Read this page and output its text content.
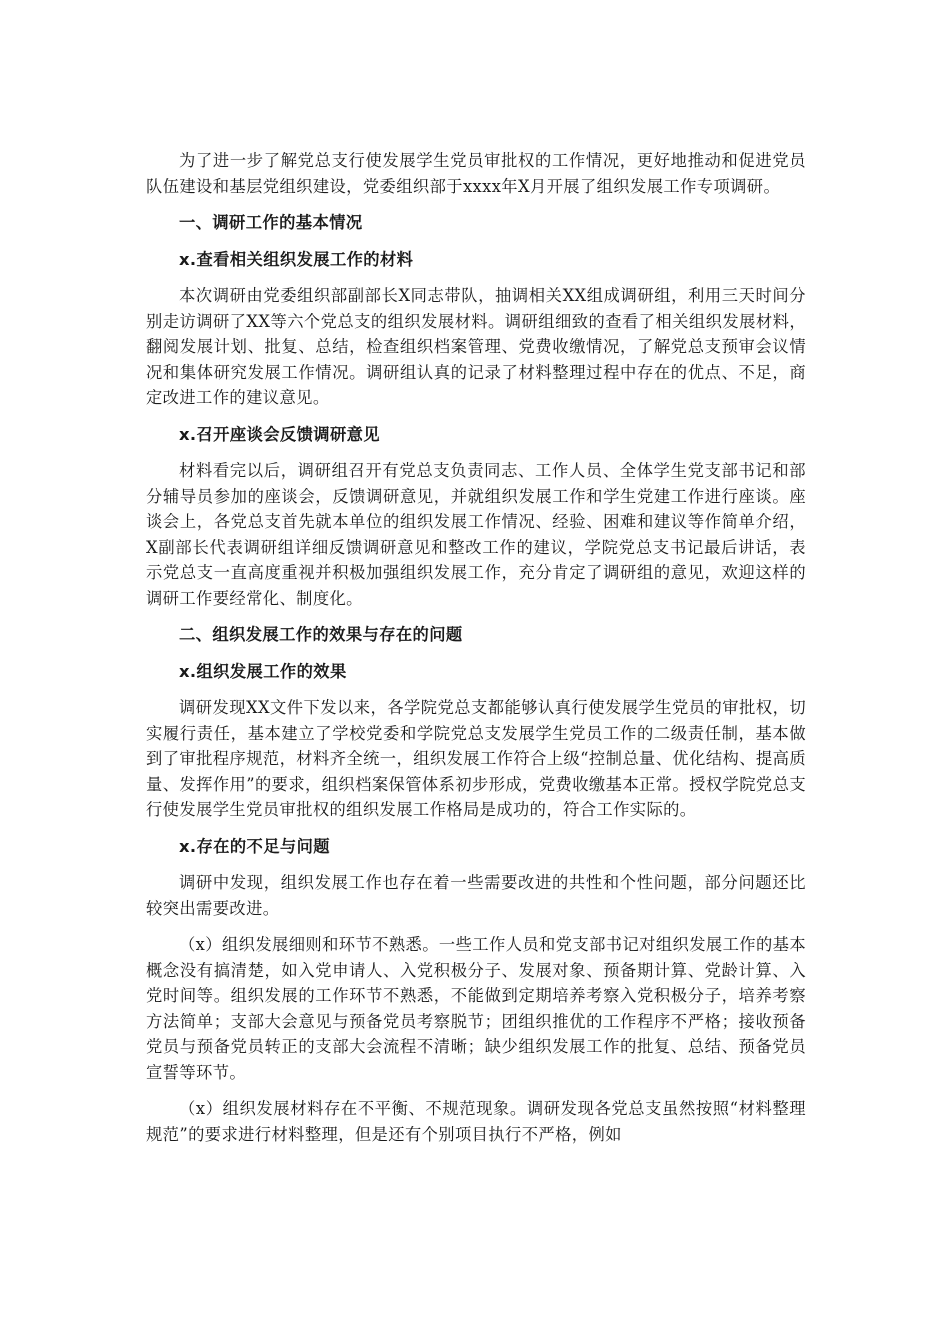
为了进一步了解党总支行使发展学生党员审批权的工作情况，更好地推动和促进党员队伍建设和基层党组织建设，党委组织部于xxxx年X月开展了组织发展工作专项调研。

一、调研工作的基本情况
x.查看相关组织发展工作的材料

本次调研由党委组织部副部长X同志带队，抽调相关XX组成调研组，利用三天时间分别走访调研了XX等六个党总支的组织发展材料。调研组细致的查看了相关组织发展材料，翻阅发展计划、批复、总结，检查组织档案管理、党费收缴情况，了解党总支预审会议情况和集体研究发展工作情况。调研组认真的记录了材料整理过程中存在的优点、不足，商定改进工作的建议意见。

x.召开座谈会反馈调研意见

材料看完以后，调研组召开有党总支负责同志、工作人员、全体学生党支部书记和部分辅导员参加的座谈会，反馈调研意见，并就组织发展工作和学生党建工作进行座谈。座谈会上，各党总支首先就本单位的组织发展工作情况、经验、困难和建议等作简单介绍，X副部长代表调研组详细反馈调研意见和整改工作的建议，学院党总支书记最后讲话，表示党总支一直高度重视并积极加强组织发展工作，充分肯定了调研组的意见，欢迎这样的调研工作要经常化、制度化。

二、组织发展工作的效果与存在的问题
x.组织发展工作的效果

调研发现XX文件下发以来，各学院党总支都能够认真行使发展学生党员的审批权，切实履行责任，基本建立了学校党委和学院党总支发展学生党员工作的二级责任制，基本做到了审批程序规范，材料齐全统一，组织发展工作符合上级“控制总量、优化结构、提高质量、发挥作用”的要求，组织档案保管体系初步形成，党费收缴基本正常。授权学院党总支行使发展学生党员审批权的组织发展工作格局是成功的，符合工作实际的。

x.存在的不足与问题

调研中发现，组织发展工作也存在着一些需要改进的共性和个性问题，部分问题还比较突出需要改进。

（x）组织发展细则和环节不熟悉。一些工作人员和党支部书记对组织发展工作的基本概念没有搞清楚，如入党申请人、入党积极分子、发展对象、预备期计算、党龄计算、入党时间等。组织发展的工作环节不熟悉，不能做到定期培养考察入党积极分子，培养考察方法简单；支部大会意见与预备党员考察脱节；团组织推优的工作程序不严格；接收预备党员与预备党员转正的支部大会流程不清晰；缺少组织发展工作的批复、总结、预备党员宣誓等环节。

（x）组织发展材料存在不平衡、不规范现象。调研发现各党总支虽然按照“材料整理规范”的要求进行材料整理，但是还有个别项目执行不严格，例如
